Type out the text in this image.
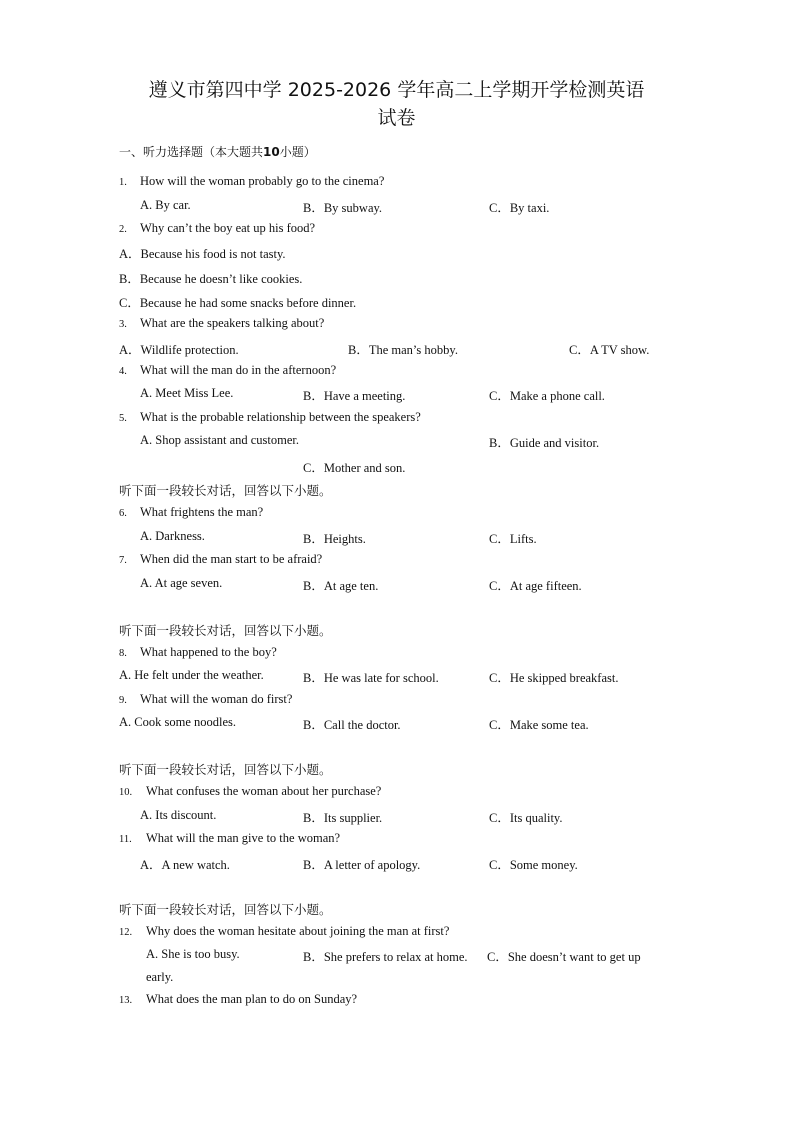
遵义市第四中学 2025-2026 学年高二上学期开学检测英语
试卷
一、听力选择题（本大题共10小题）
1. How will the woman probably go to the cinema?
A. By car.	B．By subway.	C．By taxi.
2. Why can’t the boy eat up his food?
A．Because his food is not tasty.
B．Because he doesn’t like cookies.
C．Because he had some snacks before dinner.
3. What are the speakers talking about?
A．Wildlife protection.	B．The man’s hobby.	C．A TV show.
4. What will the man do in the afternoon?
A. Meet Miss Lee.	B．Have a meeting.	C．Make a phone call.
5. What is the probable relationship between the speakers?
A. Shop assistant and customer.	B．Guide and visitor.
C．Mother and son.
听下面一段较长对话，回答以下小题。
6. What frightens the man?
A. Darkness.	B．Heights.	C．Lifts.
7. When did the man start to be afraid?
A. At age seven.	B．At age ten.	C．At age fifteen.
听下面一段较长对话，回答以下小题。
8. What happened to the boy?
A. He felt under the weather.	B．He was late for school.	C．He skipped breakfast.
9. What will the woman do first?
A. Cook some noodles.	B．Call the doctor.	C．Make some tea.
听下面一段较长对话，回答以下小题。
10. What confuses the woman about her purchase?
A. Its discount.	B．Its supplier.	C．Its quality.
11. What will the man give to the woman?
A．A new watch.	B．A letter of apology.	C．Some money.
听下面一段较长对话，回答以下小题。
12. Why does the woman hesitate about joining the man at first?
A. She is too busy.	B．She prefers to relax at home. C．She doesn’t want to get up
early.
13. What does the man plan to do on Sunday?
